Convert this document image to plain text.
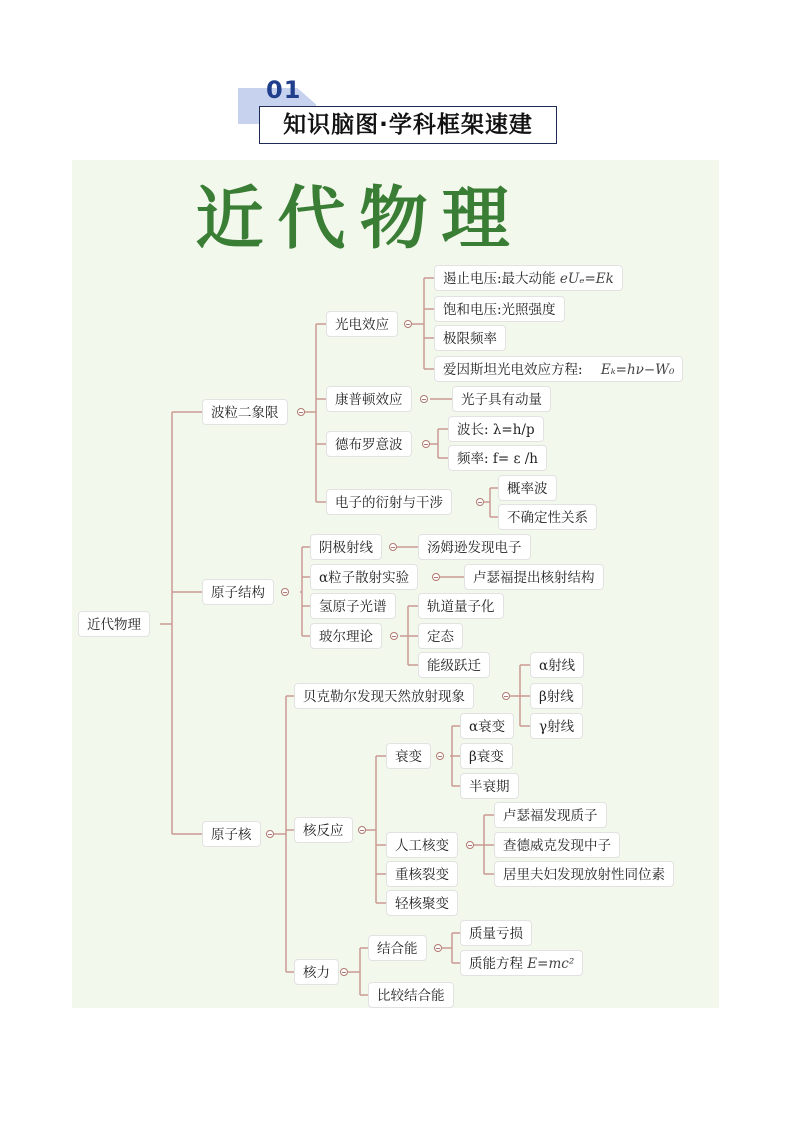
01
知识脑图·学科框架速建
近代物理
近代物理
波粒二象限
原子结构
原子核
光电效应
遏止电压:最大动能 eUₑ=Ek
饱和电压:光照强度
极限频率
爱因斯坦光电效应方程: Eₖ=hν−W₀
康普顿效应	光子具有动量
德布罗意波
波长: λ=h/p
频率: f= ε /h
电子的衍射与干涉
概率波
不确定性关系
阴极射线	汤姆逊发现电子
α粒子散射实验	卢瑟福提出核射结构
氢原子光谱
玻尔理论
轨道量子化
定态
能级跃迁
贝克勒尔发现天然放射现象
α射线
β射线
γ射线
核反应
衰变
α衰变
β衰变
半衰期
人工核变
卢瑟福发现质子
查德威克发现中子
居里夫妇发现放射性同位素
重核裂变
轻核聚变
核力
结合能
质量亏损
质能方程 E=mc²
比较结合能
